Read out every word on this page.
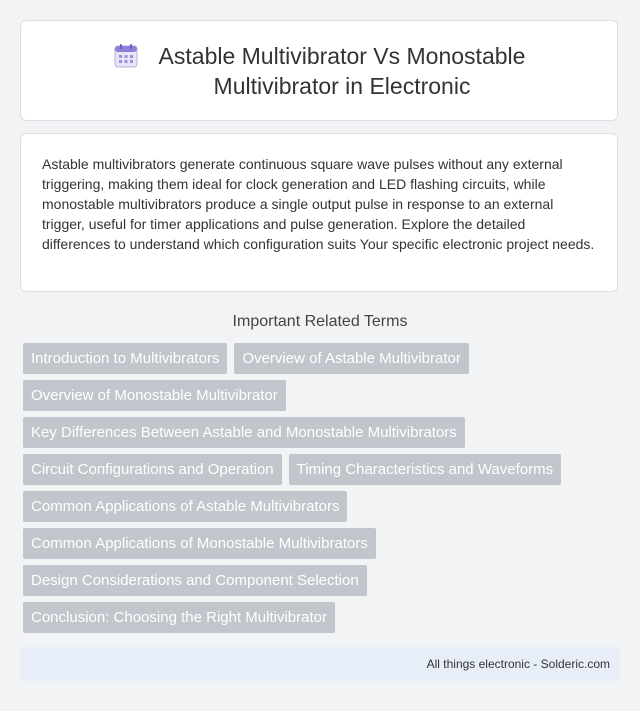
Astable Multivibrator Vs Monostable
Multivibrator in Electronic

Astable multivibrators generate continuous square wave pulses without any external triggering, making them ideal for clock generation and LED flashing circuits, while monostable multivibrators produce a single output pulse in response to an external trigger, useful for timer applications and pulse generation. Explore the detailed differences to understand which configuration suits Your specific electronic project needs.

Important Related Terms
Introduction to Multivibrators	Overview of Astable Multivibrator
Overview of Monostable Multivibrator
Key Differences Between Astable and Monostable Multivibrators
Circuit Configurations and Operation	Timing Characteristics and Waveforms
Common Applications of Astable Multivibrators
Common Applications of Monostable Multivibrators
Design Considerations and Component Selection
Conclusion: Choosing the Right Multivibrator
All things electronic - Solderic.com
